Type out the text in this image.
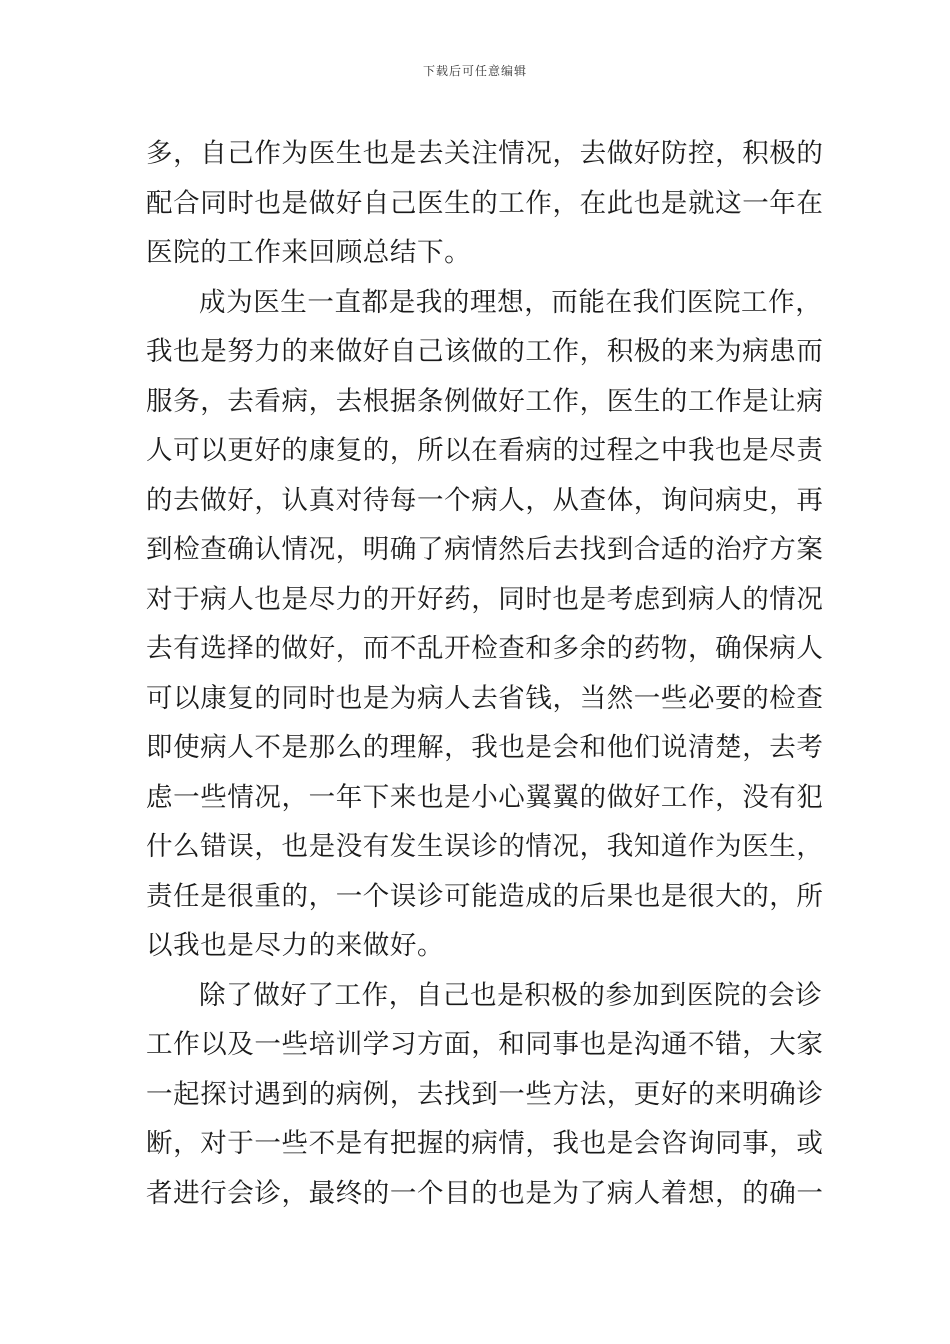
下载后可任意编辑
多，自己作为医生也是去关注情况，去做好防控，积极的
配合同时也是做好自己医生的工作，在此也是就这一年在
医院的工作来回顾总结下。
成为医生一直都是我的理想，而能在我们医院工作，
我也是努力的来做好自己该做的工作，积极的来为病患而
服务，去看病，去根据条例做好工作，医生的工作是让病
人可以更好的康复的，所以在看病的过程之中我也是尽责
的去做好，认真对待每一个病人，从查体，询问病史，再
到检查确认情况，明确了病情然后去找到合适的治疗方案
对于病人也是尽力的开好药，同时也是考虑到病人的情况
去有选择的做好，而不乱开检查和多余的药物，确保病人
可以康复的同时也是为病人去省钱，当然一些必要的检查
即使病人不是那么的理解，我也是会和他们说清楚，去考
虑一些情况，一年下来也是小心翼翼的做好工作，没有犯
什么错误，也是没有发生误诊的情况，我知道作为医生，
责任是很重的，一个误诊可能造成的后果也是很大的，所
以我也是尽力的来做好。
除了做好了工作，自己也是积极的参加到医院的会诊
工作以及一些培训学习方面，和同事也是沟通不错，大家
一起探讨遇到的病例，去找到一些方法，更好的来明确诊
断，对于一些不是有把握的病情，我也是会咨询同事，或
者进行会诊，最终的一个目的也是为了病人着想，的确一
